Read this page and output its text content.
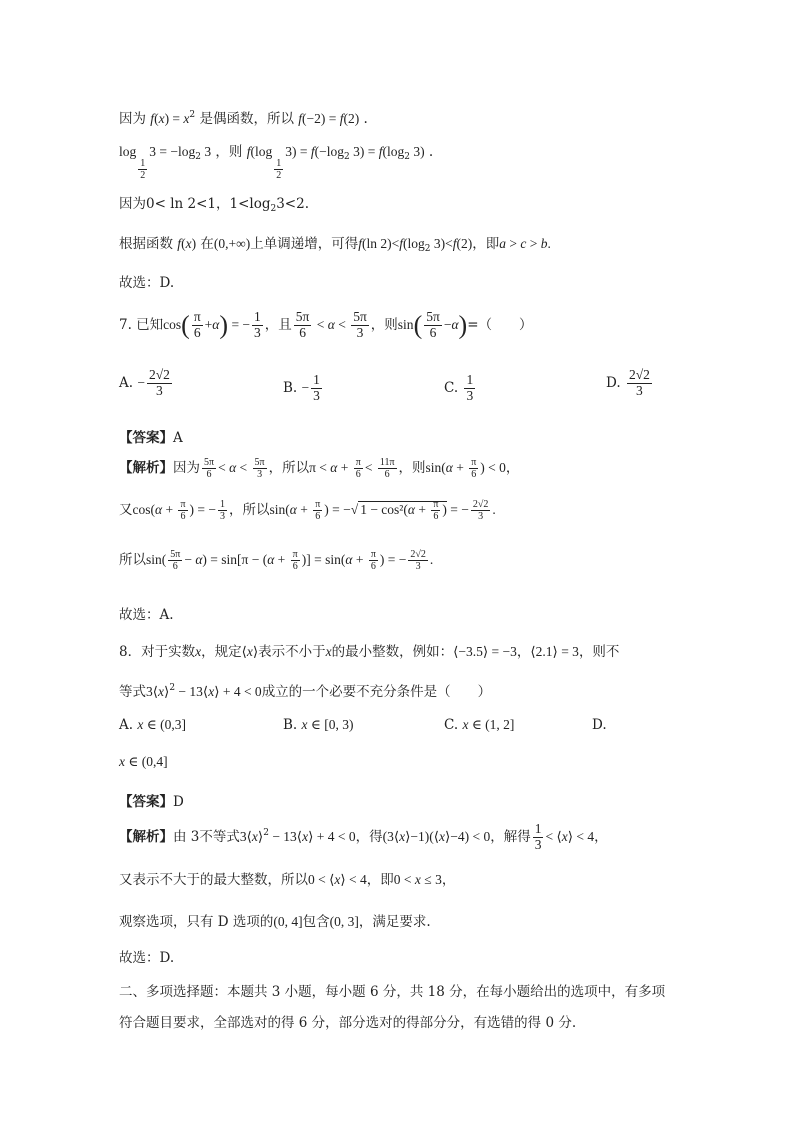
因为 $f(x) = x^2$ 是偶函数，所以 f(−2) = f(2) .
log
$\frac{1}{2}$
$3 = -\log_2$ 3 ，则 f(log
$\frac{1}{2}$
$3) = f(-\log_2$ $3) = f(\log_2$ 3) .
因为0< ln 2<1，$1<\log_23<2$.
根据函数 f(x) 在(0,+∞)上单调递增，可得f(ln $2)<f(\log_2$ 3)<f(2)，即a > c > b.
故选：D.
7. 已知$\cos( \frac{\pi}{6} +\alpha)$ = − $\frac{1}{3}$ ，且 $\frac{5\pi}{6} < \alpha < \frac{5\pi}{3}$ ，则$\sin( \frac{5\pi}{6} -\alpha)=$（　　）
A. − $\frac{2√2}{3}$	B. − $\frac{1}{3}$	C. $\frac{1}{3}$	D. $\frac{2√2}{3}$
【答案】A
【解析】因为 $\frac{5\pi}{6} < \alpha < \frac{5\pi}{3}$ ，所以$\pi < \alpha + \frac{\pi}{6} < \frac{11\pi}{6}$ ，则$\sin(\alpha + \frac{\pi}{6}$ ) < 0，
又$\cos(\alpha + \frac{\pi}{6}$ ) = − $\frac{1}{3}$ ，所以$\sin(\alpha + \frac{\pi}{6}$ ) = −√ $1 - \cos^2(\alpha + \frac{\pi}{6}$ ) = − $\frac{2√2}{3}$ .
所以$\sin( \frac{5\pi}{6} - \alpha) = \sin[\pi - (\alpha + \frac{\pi}{6}$ )] = $\sin(\alpha + \frac{\pi}{6}$ ) = − $\frac{2√2}{3}$ .
故选：A.
8．对于实数x，规定⟨x⟩表示不小于x的最小整数，例如：⟨−3.5⟩ = −3，⟨2.1⟩ = 3，则不
等式3⟨x⟩$^2$ − 13⟨x⟩ + 4 < 0成立的一个必要不充分条件是（　　）
A. x ∈ (0,3]	B. x ∈ [0, 3)	C. x ∈ (1, 2]	D.
x ∈ (0,4]
【答案】D
【解析】由 3不等式3⟨x⟩$^2$ − 13⟨x⟩ + 4 < 0，得(3⟨x⟩−1)(⟨x⟩−4) < 0，解得 $\frac{1}{3}$ < ⟨x⟩ < 4，
又表示不大于的最大整数，所以0 < ⟨x⟩ < 4，即0 < x ≤ 3，
观察选项，只有 D 选项的(0, 4]包含(0, 3]，满足要求.
故选：D.
二、多项选择题：本题共 3 小题，每小题 6 分，共 18 分，在每小题给出的选项中，有多项
符合题目要求，全部选对的得 6 分，部分选对的得部分分，有选错的得 0 分.
